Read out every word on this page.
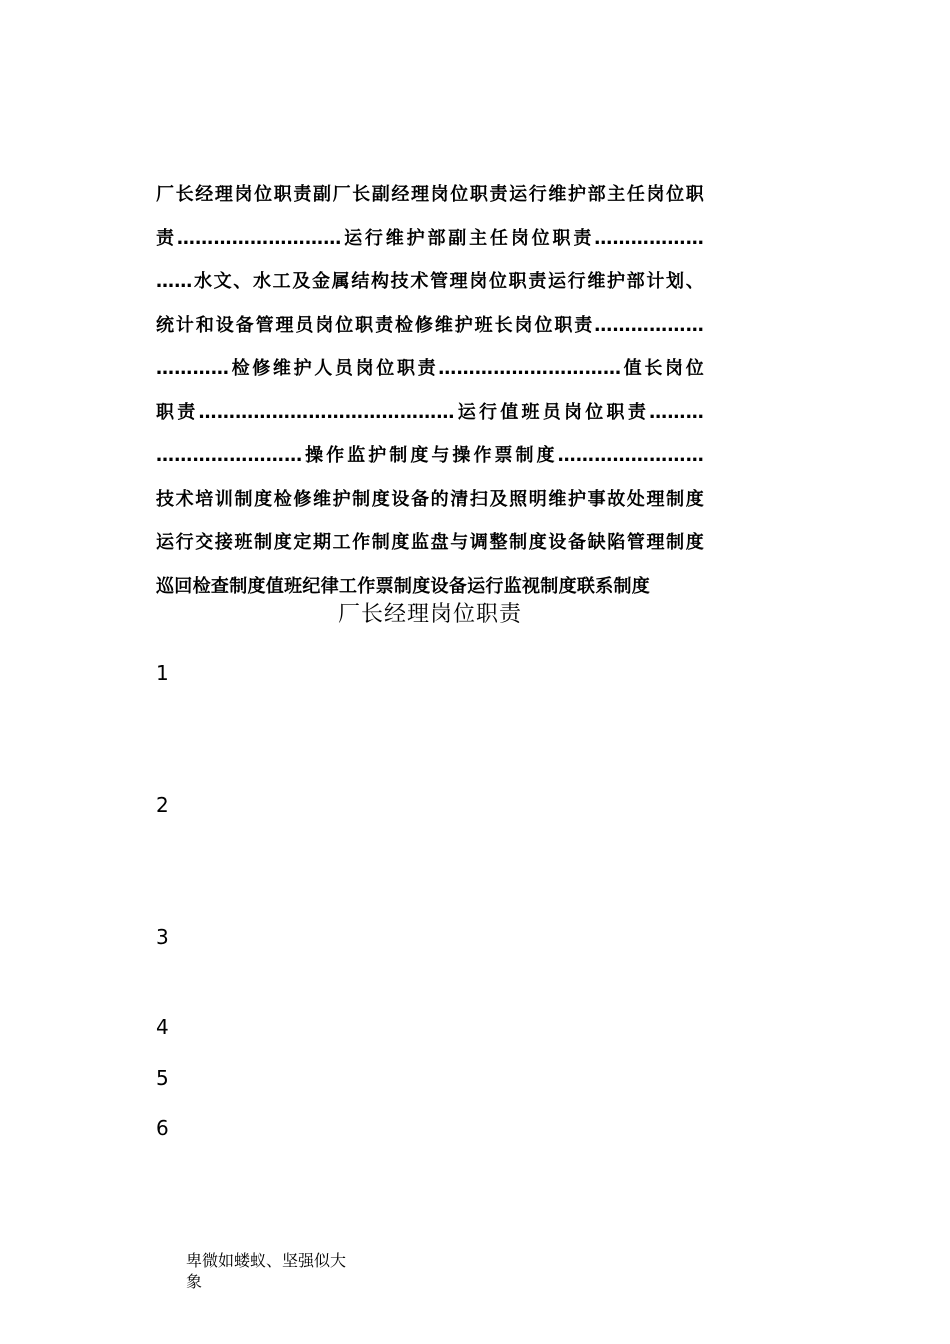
厂长经理岗位职责副厂长副经理岗位职责运行维护部主任岗位职
责………………………运行维护部副主任岗位职责………………
……水文、水工及金属结构技术管理岗位职责运行维护部计划、
统计和设备管理员岗位职责检修维护班长岗位职责………………
…………检修维护人员岗位职责…………………………值长岗位
职责……………………………………运行值班员岗位职责………
……………………操作监护制度与操作票制度……………………
技术培训制度检修维护制度设备的清扫及照明维护事故处理制度
运行交接班制度定期工作制度监盘与调整制度设备缺陷管理制度
巡回检查制度值班纪律工作票制度设备运行监视制度联系制度
厂长经理岗位职责
1
2
3
4
5
6
卑微如蝼蚁、坚强似大
象
